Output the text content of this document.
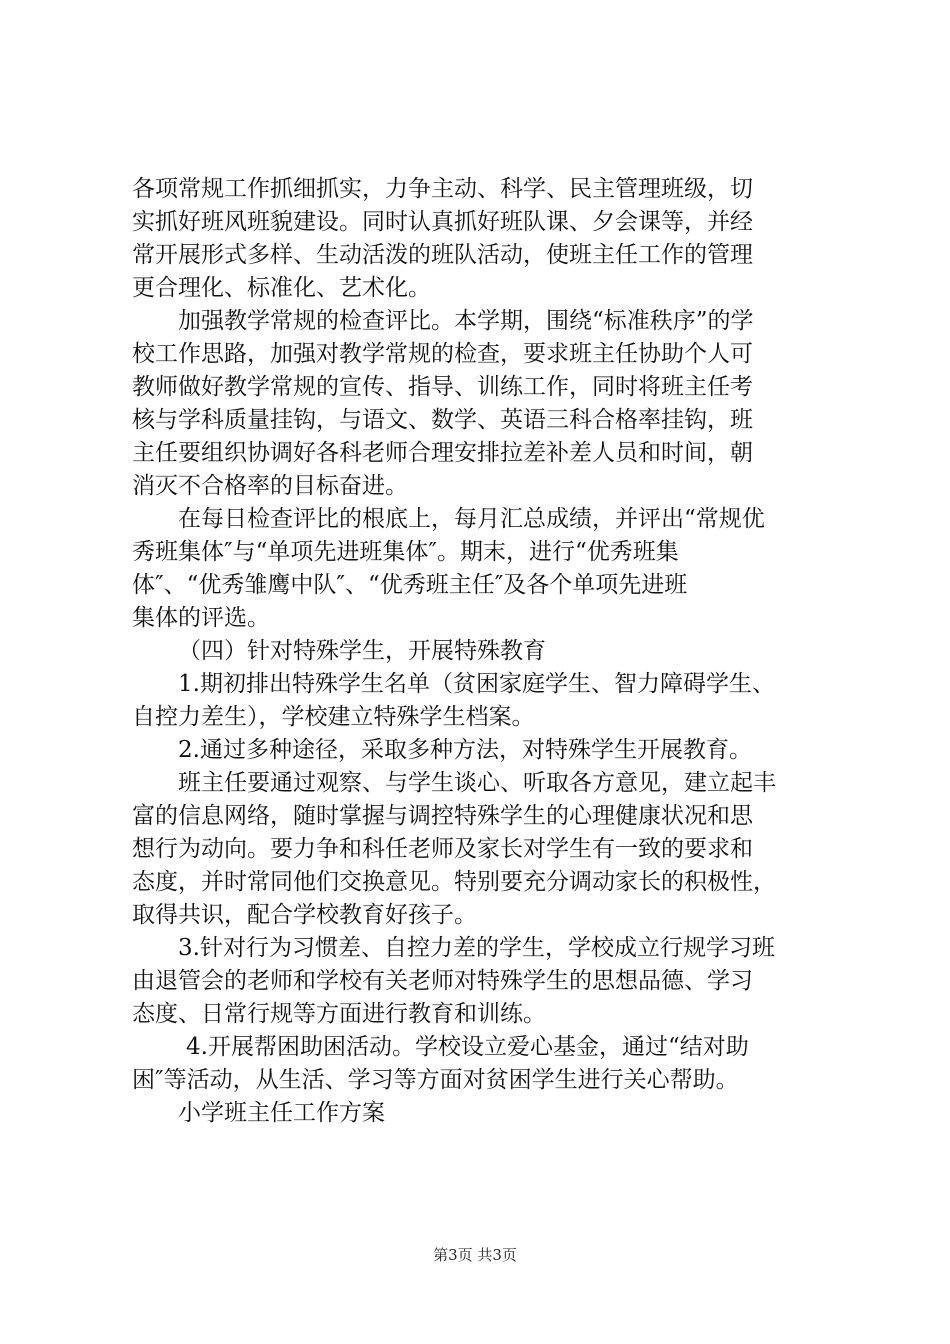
各项常规工作抓细抓实，力争主动、科学、民主管理班级，切
实抓好班风班貌建设。同时认真抓好班队课、夕会课等，并经
常开展形式多样、生动活泼的班队活动，使班主任工作的管理
更合理化、标准化、艺术化。
加强教学常规的检查评比。本学期，围绕“标准秩序”的学
校工作思路，加强对教学常规的检查，要求班主任协助个人可
教师做好教学常规的宣传、指导、训练工作，同时将班主任考
核与学科质量挂钩，与语文、数学、英语三科合格率挂钩，班
主任要组织协调好各科老师合理安排拉差补差人员和时间，朝
消灭不合格率的目标奋进。
在每日检查评比的根底上，每月汇总成绩，并评出“常规优
秀班集体″与“单项先进班集体″。期末，进行“优秀班集
体″、“优秀雏鹰中队″、“优秀班主任″及各个单项先进班
集体的评选。
（四）针对特殊学生，开展特殊教育
1.期初排出特殊学生名单（贫困家庭学生、智力障碍学生、
自控力差生），学校建立特殊学生档案。
2.通过多种途径，采取多种方法，对特殊学生开展教育。
班主任要通过观察、与学生谈心、听取各方意见，建立起丰
富的信息网络，随时掌握与调控特殊学生的心理健康状况和思
想行为动向。要力争和科任老师及家长对学生有一致的要求和
态度，并时常同他们交换意见。特别要充分调动家长的积极性，
取得共识，配合学校教育好孩子。
3.针对行为习惯差、自控力差的学生，学校成立行规学习班
由退管会的老师和学校有关老师对特殊学生的思想品德、学习
态度、日常行规等方面进行教育和训练。
4.开展帮困助困活动。学校设立爱心基金，通过“结对助
困″等活动，从生活、学习等方面对贫困学生进行关心帮助。
小学班主任工作方案
第3页 共3页
